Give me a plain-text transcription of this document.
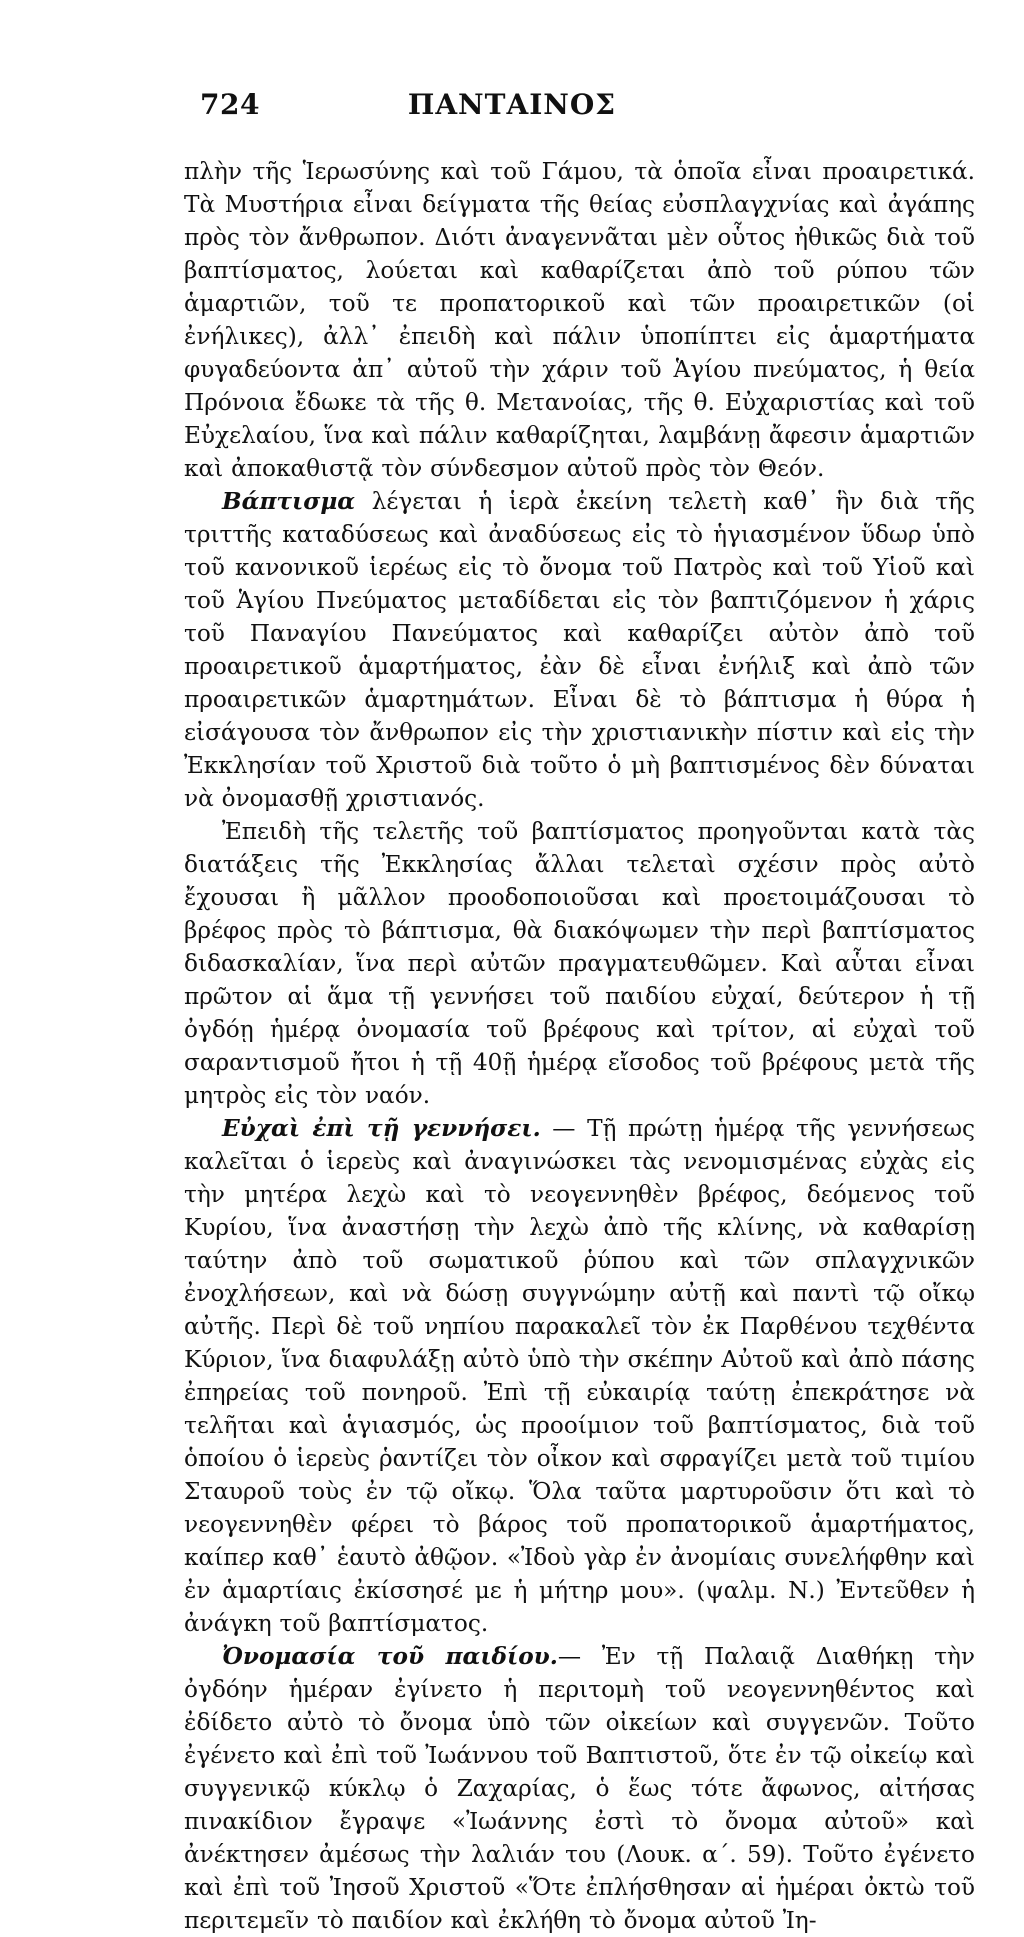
724	ΠΑΝΤΑΙΝΟΣ

πλὴν τῆς Ἱερωσύνης καὶ τοῦ Γάμου, τὰ ὁποῖα εἶναι προαιρετικά. Τὰ Μυστήρια εἶναι δείγματα τῆς θείας εὐσπλαγχνίας καὶ ἀγάπης πρὸς τὸν ἄνθρωπον. Διότι ἀναγεννᾶται μὲν οὗτος ἠθικῶς διὰ τοῦ βαπτίσματος, λούεται καὶ καθαρίζεται ἀπὸ τοῦ ρύπου τῶν ἁμαρτιῶν, τοῦ τε προπατορικοῦ καὶ τῶν προαιρετικῶν (οἱ ἐνήλικες), ἀλλ᾽ ἐπειδὴ καὶ πάλιν ὑποπίπτει εἰς ἁμαρτήματα φυγαδεύοντα ἀπ᾽ αὐτοῦ τὴν χάριν τοῦ Ἁγίου πνεύματος, ἡ θεία Πρόνοια ἔδωκε τὰ τῆς θ. Μετανοίας, τῆς θ. Εὐχαριστίας καὶ τοῦ Εὐχελαίου, ἵνα καὶ πάλιν καθαρίζηται, λαμβάνῃ ἄφεσιν ἁμαρτιῶν καὶ ἀποκαθιστᾷ τὸν σύνδεσμον αὐτοῦ πρὸς τὸν Θεόν.

Βάπτισμα λέγεται ἡ ἱερὰ ἐκείνη τελετὴ καθ᾽ ἣν διὰ τῆς τριττῆς καταδύσεως καὶ ἀναδύσεως εἰς τὸ ἡγιασμένον ὕδωρ ὑπὸ τοῦ κανονικοῦ ἱερέως εἰς τὸ ὄνομα τοῦ Πατρὸς καὶ τοῦ Υἱοῦ καὶ τοῦ Ἁγίου Πνεύματος μεταδίδεται εἰς τὸν βαπτιζόμενον ἡ χάρις τοῦ Παναγίου Πανεύματος καὶ καθαρίζει αὐτὸν ἀπὸ τοῦ προαιρετικοῦ ἁμαρτήματος, ἐὰν δὲ εἶναι ἐνήλιξ καὶ ἀπὸ τῶν προαιρετικῶν ἁμαρτημάτων. Εἶναι δὲ τὸ βάπτισμα ἡ θύρα ἡ εἰσάγουσα τὸν ἄνθρωπον εἰς τὴν χριστιανικὴν πίστιν καὶ εἰς τὴν Ἐκκλησίαν τοῦ Χριστοῦ διὰ τοῦτο ὁ μὴ βαπτισμένος δὲν δύναται νὰ ὀνομασθῇ χριστιανός.

Ἐπειδὴ τῆς τελετῆς τοῦ βαπτίσματος προηγοῦνται κατὰ τὰς διατάξεις τῆς Ἐκκλησίας ἄλλαι τελεταὶ σχέσιν πρὸς αὐτὸ ἔχουσαι ἢ μᾶλλον προοδοποιοῦσαι καὶ προετοιμάζουσαι τὸ βρέφος πρὸς τὸ βάπτισμα, θὰ διακόψωμεν τὴν περὶ βαπτίσματος διδασκαλίαν, ἵνα περὶ αὐτῶν πραγματευθῶμεν. Καὶ αὗται εἶναι πρῶτον αἱ ἅμα τῇ γεννήσει τοῦ παιδίου εὐχαί, δεύτερον ἡ τῇ ὀγδόῃ ἡμέρᾳ ὀνομασία τοῦ βρέφους καὶ τρίτον, αἱ εὐχαὶ τοῦ σαραντισμοῦ ἤτοι ἡ τῇ 40ῇ ἡμέρᾳ εἴσοδος τοῦ βρέφους μετὰ τῆς μητρὸς εἰς τὸν ναόν.

Εὐχαὶ ἐπὶ τῇ γεννήσει. — Τῇ πρώτῃ ἡμέρᾳ τῆς γεννήσεως καλεῖται ὁ ἱερεὺς καὶ ἀναγινώσκει τὰς νενομισμένας εὐχὰς εἰς τὴν μητέρα λεχὼ καὶ τὸ νεογεννηθὲν βρέφος, δεόμενος τοῦ Κυρίου, ἵνα ἀναστήσῃ τὴν λεχὼ ἀπὸ τῆς κλίνης, νὰ καθαρίσῃ ταύτην ἀπὸ τοῦ σωματικοῦ ῥύπου καὶ τῶν σπλαγχνικῶν ἐνοχλήσεων, καὶ νὰ δώσῃ συγγνώμην αὐτῇ καὶ παντὶ τῷ οἴκῳ αὐτῆς. Περὶ δὲ τοῦ νηπίου παρακαλεῖ τὸν ἐκ Παρθένου τεχθέντα Κύριον, ἵνα διαφυλάξῃ αὐτὸ ὑπὸ τὴν σκέπην Αὐτοῦ καὶ ἀπὸ πάσης ἐπηρείας τοῦ πονηροῦ. Ἐπὶ τῇ εὐκαιρίᾳ ταύτῃ ἐπεκράτησε νὰ τελῆται καὶ ἁγιασμός, ὡς προοίμιον τοῦ βαπτίσματος, διὰ τοῦ ὁποίου ὁ ἱερεὺς ῥαντίζει τὸν οἶκον καὶ σφραγίζει μετὰ τοῦ τιμίου Σταυροῦ τοὺς ἐν τῷ οἴκῳ. Ὅλα ταῦτα μαρτυροῦσιν ὅτι καὶ τὸ νεογεννηθὲν φέρει τὸ βάρος τοῦ προπατορικοῦ ἁμαρτήματος, καίπερ καθ᾽ ἑαυτὸ ἀθῷον. «Ἰδοὺ γὰρ ἐν ἀνομίαις συνελήφθην καὶ ἐν ἁμαρτίαις ἐκίσσησέ με ἡ μήτηρ μου». (ψαλμ. Ν.) Ἐντεῦθεν ἡ ἀνάγκη τοῦ βαπτίσματος.

Ὀνομασία τοῦ παιδίου.— Ἐν τῇ Παλαιᾷ Διαθήκῃ τὴν ὀγδόην ἡμέραν ἐγίνετο ἡ περιτομὴ τοῦ νεογεννηθέντος καὶ ἐδίδετο αὐτὸ τὸ ὄνομα ὑπὸ τῶν οἰκείων καὶ συγγενῶν. Τοῦτο ἐγένετο καὶ ἐπὶ τοῦ Ἰωάννου τοῦ Βαπτιστοῦ, ὅτε ἐν τῷ οἰκείῳ καὶ συγγενικῷ κύκλῳ ὁ Ζαχαρίας, ὁ ἕως τότε ἄφωνος, αἰτήσας πινακίδιον ἔγραψε «Ἰωάννης ἐστὶ τὸ ὄνομα αὐτοῦ» καὶ ἀνέκτησεν ἀμέσως τὴν λαλιάν του (Λουκ. α΄. 59). Τοῦτο ἐγένετο καὶ ἐπὶ τοῦ Ἰησοῦ Χριστοῦ «Ὅτε ἐπλήσθησαν αἱ ἡμέραι ὀκτὼ τοῦ περιτεμεῖν τὸ παιδίον καὶ ἐκλήθη τὸ ὄνομα αὐτοῦ Ἰη-
